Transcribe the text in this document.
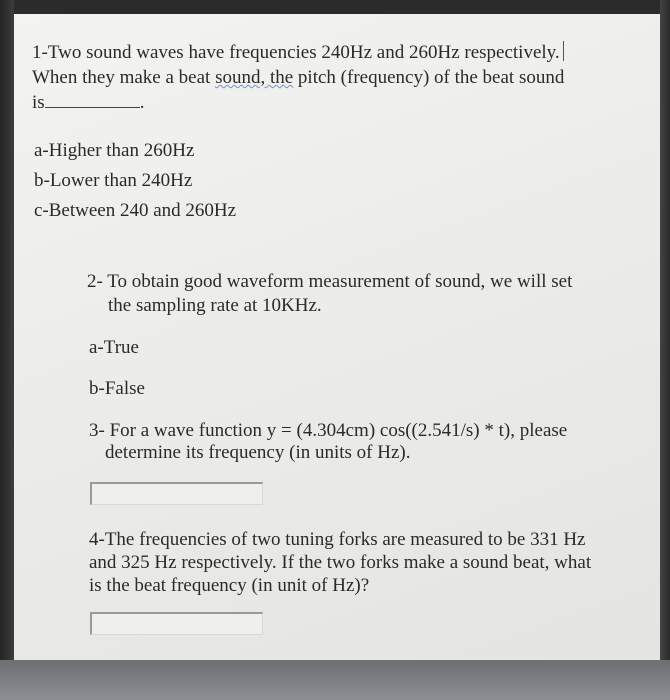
1-Two sound waves have frequencies 240Hz and 260Hz respectively.
When they make a beat sound, the pitch (frequency) of the beat sound
is	.
a-Higher than 260Hz
b-Lower than 240Hz
c-Between 240 and 260Hz
2- To obtain good waveform measurement of sound, we will set
the sampling rate at 10KHz.
a-True
b-False
3- For a wave function y = (4.304cm) cos((2.541/s) * t), please
determine its frequency (in units of Hz).
4-The frequencies of two tuning forks are measured to be 331 Hz
and 325 Hz respectively. If the two forks make a sound beat, what
is the beat frequency (in unit of Hz)?
